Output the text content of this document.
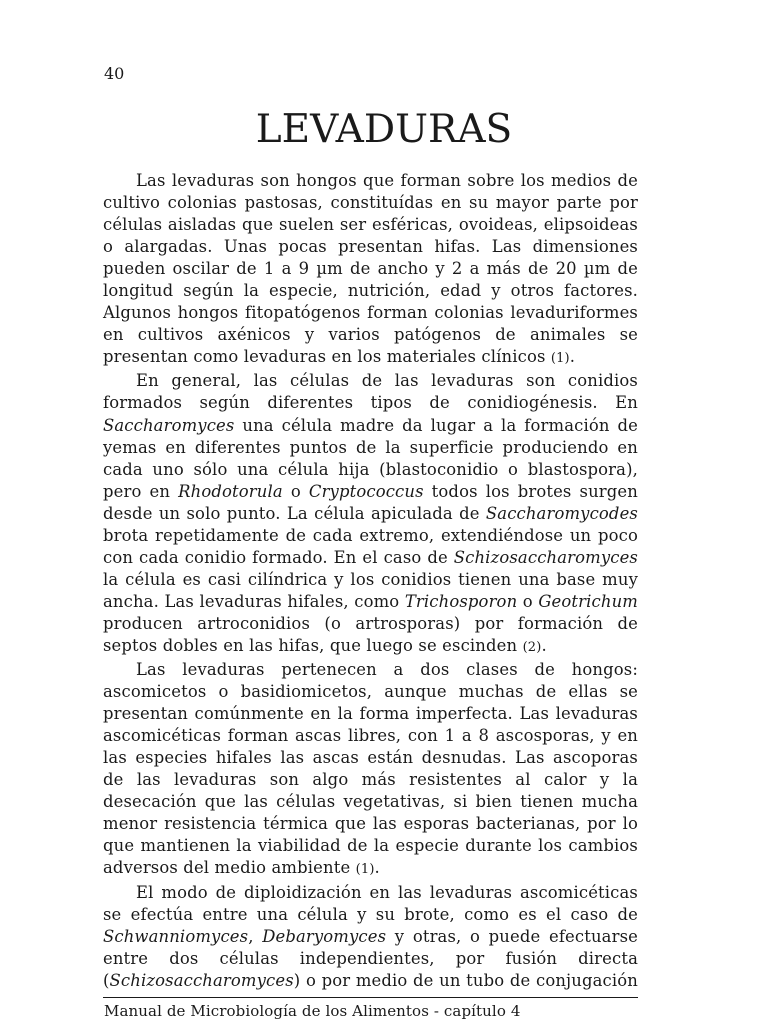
40
LEVADURAS

Las levaduras son hongos que forman sobre los medios de cultivo colonias pastosas, constituídas en su mayor parte por células aisladas que suelen ser esféricas, ovoideas, elipsoideas o alargadas. Unas pocas presentan hifas. Las dimensiones pueden oscilar de 1 a 9 µm de ancho y 2 a más de 20 µm de longitud según la especie, nutrición, edad y otros factores. Algunos hongos fitopatógenos forman colonias levaduriformes en cultivos axénicos y varios patógenos de animales se presentan como levaduras en los materiales clínicos (1).

En general, las células de las levaduras son conidios formados según diferentes tipos de conidiogénesis. En Saccharomyces una célula madre da lugar a la formación de yemas en diferentes puntos de la superficie produciendo en cada uno sólo una célula hija (blastoconidio o blastospora), pero en Rhodotorula o Cryptococcus todos los brotes surgen desde un solo punto. La célula apiculada de Saccharomycodes brota repetidamente de cada extremo, extendiéndose un poco con cada conidio formado. En el caso de Schizosaccharomyces la célula es casi cilíndrica y los conidios tienen una base muy ancha. Las levaduras hifales, como Trichosporon o Geotrichum producen artroconidios (o artrosporas) por formación de septos dobles en las hifas, que luego se escinden (2).

Las levaduras pertenecen a dos clases de hongos: ascomicetos o basidiomicetos, aunque muchas de ellas se presentan comúnmente en la forma imperfecta. Las levaduras ascomicéticas forman ascas libres, con 1 a 8 ascosporas, y en las especies hifales las ascas están desnudas. Las ascoporas de las levaduras son algo más resistentes al calor y la desecación que las células vegetativas, si bien tienen mucha menor resistencia térmica que las esporas bacterianas, por lo que mantienen la viabilidad de la especie durante los cambios adversos del medio ambiente (1).

El modo de diploidización en las levaduras ascomicéticas se efectúa entre una célula y su brote, como es el caso de Schwanniomyces, Debaryomyces y otras, o puede efectuarse entre dos células independientes, por fusión directa (Schizosaccharomyces) o por medio de un tubo de conjugación

Manual de Microbiología de los Alimentos - capítulo 4
